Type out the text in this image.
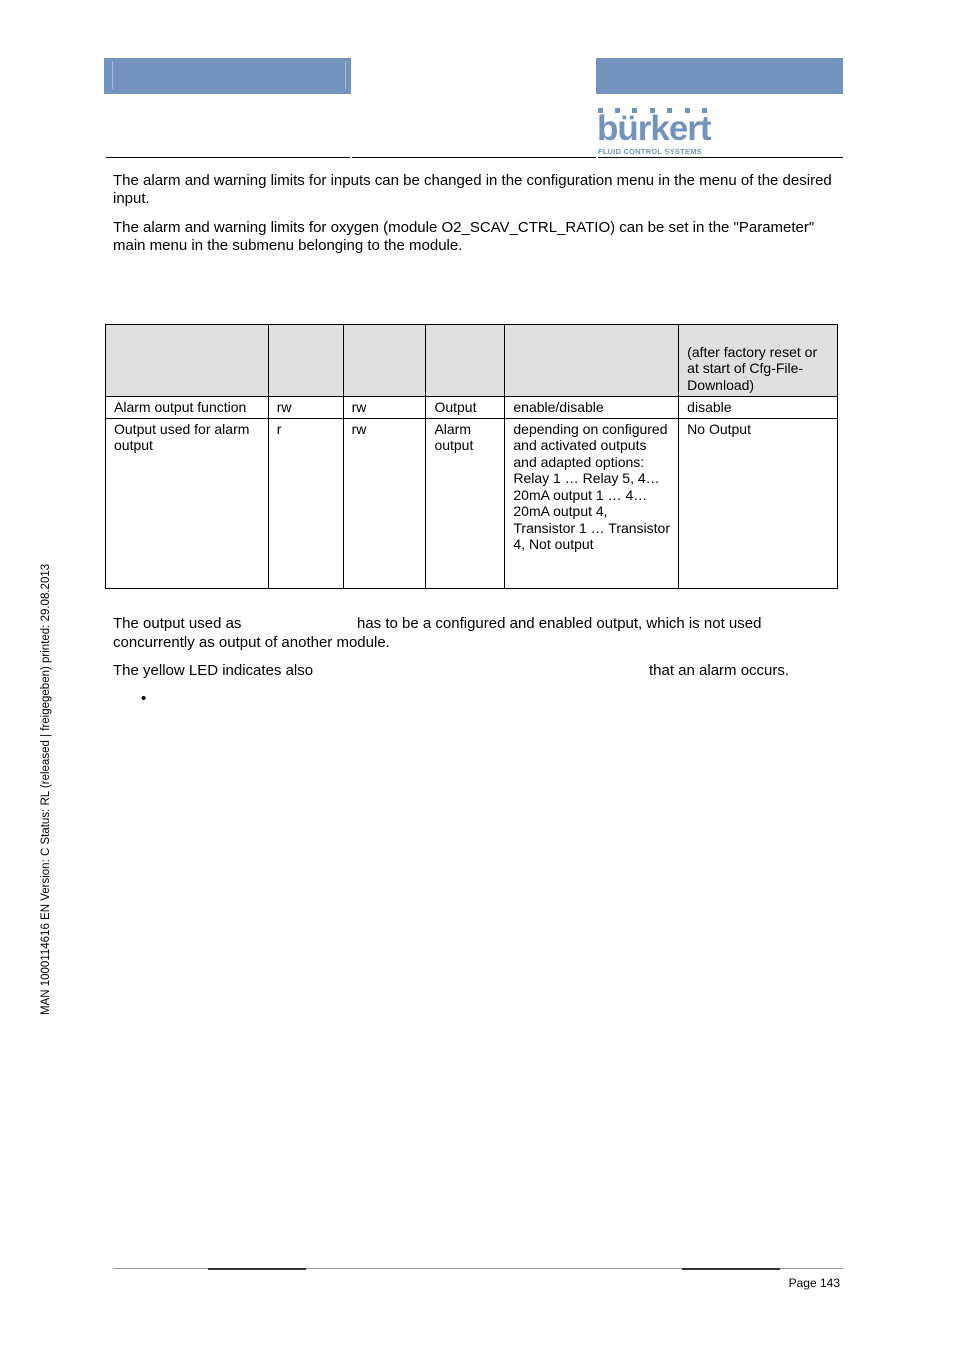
bürkert
FLUID CONTROL SYSTEMS
The alarm and warning limits for inputs can be changed in the configuration menu in the menu of the desired input.
The alarm and warning limits for oxygen (module O2_SCAV_CTRL_RATIO) can be set in the "Parameter" main menu in the submenu belonging to the module.
					(after factory reset or at start of Cfg-File-Download)
Alarm output function	rw	rw	Output	enable/disable	disable
Output used for alarm output	r	rw	Alarm output	depending on configured and activated outputs and adapted options: Relay 1 … Relay 5, 4…20mA output 1 … 4…20mA output 4, Transistor 1 … Transistor 4, Not output	No Output
The output used as	has to be a configured and enabled output, which is not used
concurrently as output of another module.
The yellow LED indicates also	that an alarm occurs.
•
MAN 1000114616 EN Version: C Status: RL (released | freigegeben) printed: 29.08.2013
Page 143
